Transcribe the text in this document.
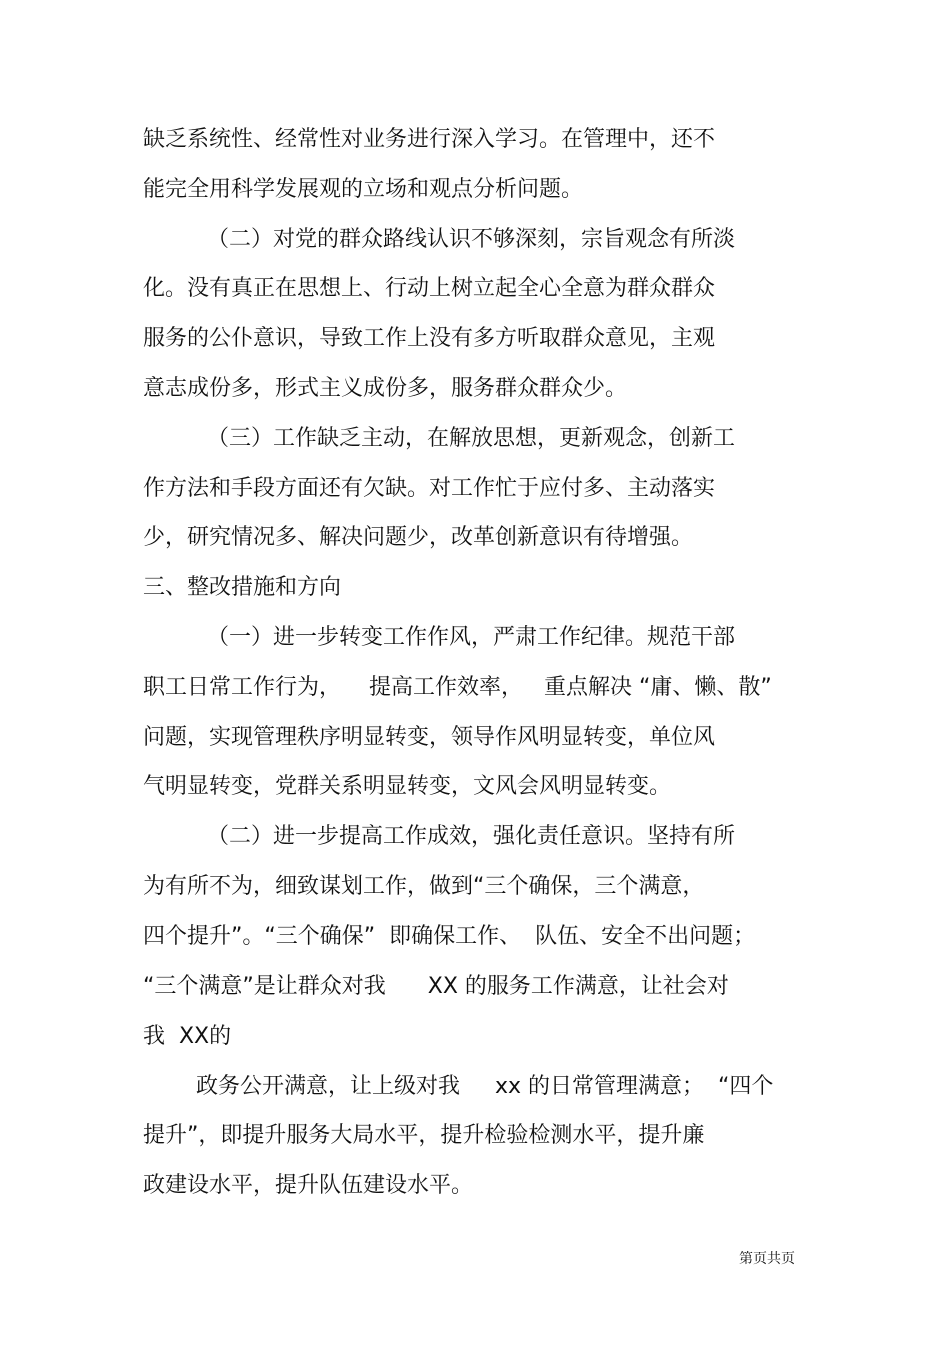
缺乏系统性、经常性对业务进行深入学习。在管理中，还不
能完全用科学发展观的立场和观点分析问题。
（二）对党的群众路线认识不够深刻，宗旨观念有所淡
化。没有真正在思想上、行动上树立起全心全意为群众群众
服务的公仆意识，导致工作上没有多方听取群众意见，主观
意志成份多，形式主义成份多，服务群众群众少。
（三）工作缺乏主动，在解放思想，更新观念，创新工
作方法和手段方面还有欠缺。对工作忙于应付多、主动落实
少，研究情况多、解决问题少，改革创新意识有待增强。
三、整改措施和方向
（一）进一步转变工作作风，严肃工作纪律。规范干部
职工日常工作行为，    提高工作效率，   重点解决 “庸、懒、散”
问题，实现管理秩序明显转变，领导作风明显转变，单位风
气明显转变，党群关系明显转变，文风会风明显转变。
（二）进一步提高工作成效，强化责任意识。坚持有所
为有所不为，细致谋划工作，做到“三个确保，三个满意，
四个提升”。“三个确保”  即确保工作、  队伍、安全不出问题；
“三个满意”是让群众对我      XX 的服务工作满意，让社会对
我  XX的
政务公开满意，让上级对我     xx 的日常管理满意；  “四个
提升”，即提升服务大局水平，提升检验检测水平，提升廉
政建设水平，提升队伍建设水平。
第页共页
